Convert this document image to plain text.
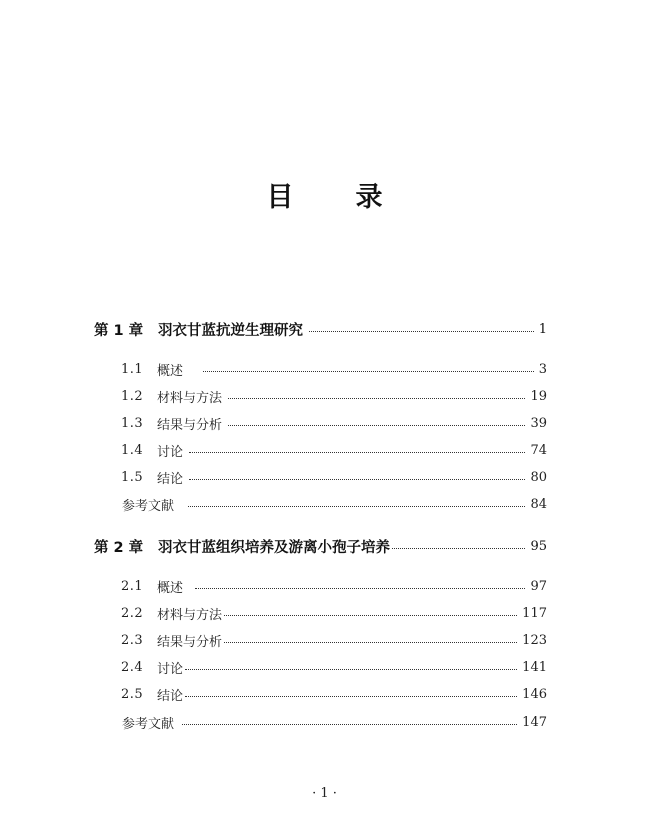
目 录
第 1 章	羽衣甘蓝抗逆生理研究	1
1.1	概述	3
1.2	材料与方法	19
1.3	结果与分析	39
1.4	讨论	74
1.5	结论	80
参考文献	84
第 2 章	羽衣甘蓝组织培养及游离小孢子培养	95
2.1	概述	97
2.2	材料与方法	117
2.3	结果与分析	123
2.4	讨论	141
2.5	结论	146
参考文献	147
· 1 ·
